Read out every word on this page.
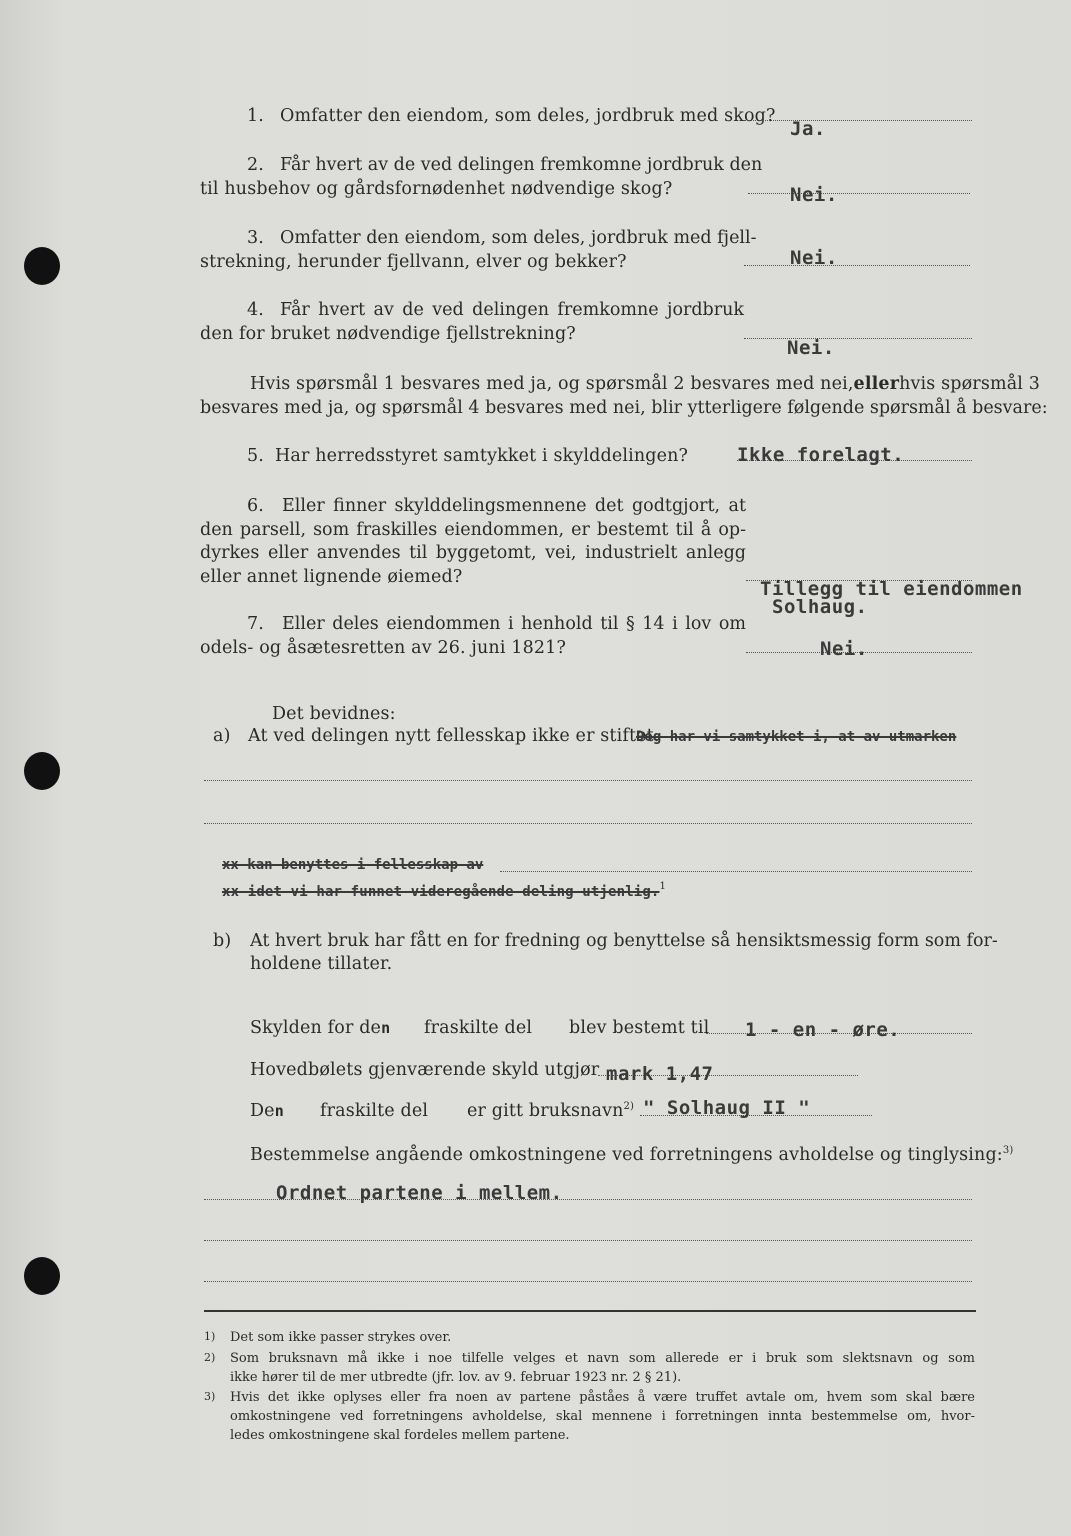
1. Omfatter den eiendom, som deles, jordbruk med skog?
Ja.
2. Får hvert av de ved delingen fremkomne jordbruk den
til husbehov og gårdsfornødenhet nødvendige skog?	Nei.
3. Omfatter den eiendom, som deles, jordbruk med fjell-
strekning, herunder fjellvann, elver og bekker?	Nei.
4. Får hvert av de ved delingen fremkomne jordbruk
den for bruket nødvendige fjellstrekning?
Nei.
Hvis spørsmål 1 besvares med ja, og spørsmål 2 besvares med nei, eller hvis spørsmål 3
besvares med ja, og spørsmål 4 besvares med nei, blir ytterligere følgende spørsmål å besvare:
5. Har herredsstyret samtykket i skylddelingen?	Ikke forelagt.
6. Eller finner skylddelingsmennene det godtgjort, at
den parsell, som fraskilles eiendommen, er bestemt til å op-
dyrkes eller anvendes til byggetomt, vei, industrielt anlegg
eller annet lignende øiemed?
Tillegg til eiendommen
Solhaug.
7. Eller deles eiendommen i henhold til § 14 i lov om
odels- og åsætesretten av 26. juni 1821?	Nei.
Det bevidnes:
a) At ved delingen nytt fellesskap ikke er stiftet.
Dog har vi samtykket i, at av utmarken
xx kan benyttes i fellesskap av
xx idet vi har funnet videregående deling utjenlig.$^1$
b) At hvert bruk har fått en for fredning og benyttelse så hensiktsmessig form som for-
holdene tillater.
Skylden for den fraskilte del blev bestemt til 1 - en - øre.
Hovedbølets gjenværende skyld utgjør mark 1,47
Den fraskilte del er gitt bruksnavn$^{2)}$ " Solhaug II "
Bestemmelse angående omkostningene ved forretningens avholdelse og tinglysing:$^{3)}$
Ordnet partene i mellem.
1) Det som ikke passer strykes over.
2) Som bruksnavn må ikke i noe tilfelle velges et navn som allerede er i bruk som slektsnavn og som
ikke hører til de mer utbredte (jfr. lov. av 9. februar 1923 nr. 2 § 21).
3) Hvis det ikke oplyses eller fra noen av partene påståes å være truffet avtale om, hvem som skal bære
omkostningene ved forretningens avholdelse, skal mennene i forretningen innta bestemmelse om, hvor-
ledes omkostningene skal fordeles mellem partene.
